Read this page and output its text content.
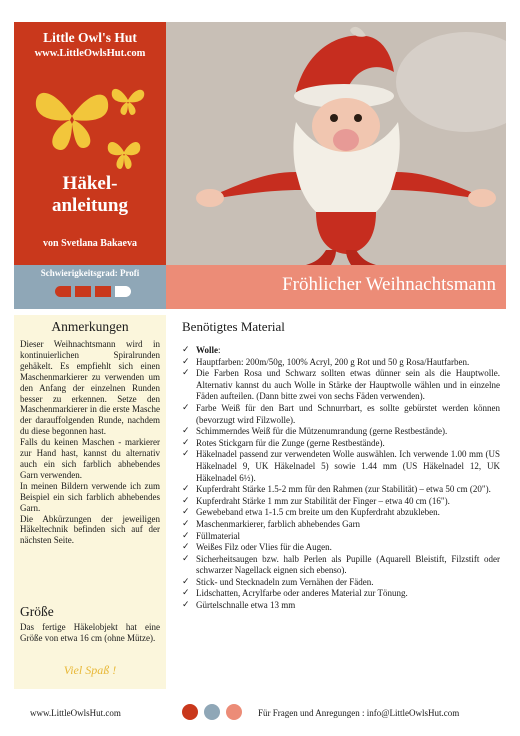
Little Owl's Hut
www.LittleOwlsHut.com
Häkel-
anleitung
von Svetlana Bakaeva
Schwierigkeitsgrad: Profi
Fröhlicher Weihnachtsmann
Anmerkungen

Dieser Weihnachtsmann wird in kontinuierlichen Spiralrunden gehäkelt. Es empfiehlt sich einen Maschenmarkierer zu verwenden um den Anfang der einzelnen Runden besser zu erkennen. Setze den Maschenmarkierer in die erste Masche der darauffolgenden Runde, nachdem du diese begonnen hast.

Falls du keinen Maschen - markierer zur Hand hast, kannst du alternativ auch ein sich farblich abhebendes Garn verwenden.

In meinen Bildern verwende ich zum Beispiel ein sich farblich abhebendes Garn.

Die Abkürzungen der jeweiligen Häkeltechnik befinden sich auf der nächsten Seite.

Größe
Das fertige Häkelobjekt hat eine Größe von etwa 16 cm (ohne Mütze).
Viel Spaß !
Benötigtes Material
✓ Wolle:
✓ Hauptfarben: 200m/50g, 100% Acryl, 200 g Rot und 50 g Rosa/Hautfarben.
✓ Die Farben Rosa und Schwarz sollten etwas dünner sein als die Hauptwolle. Alternativ kannst du auch Wolle in Stärke der Hauptwolle wählen und in einzelne Fäden aufteilen. (Dann bitte zwei von sechs Fäden verwenden).
✓ Farbe Weiß für den Bart und Schnurrbart, es sollte gebürstet werden können (bevorzugt wird Filzwolle).
✓ Schimmerndes Weiß für die Mützenumrandung (gerne Restbestände).
✓ Rotes Stickgarn für die Zunge (gerne Restbestände).
✓ Häkelnadel passend zur verwendeten Wolle auswählen. Ich verwende 1.00 mm (US Häkelnadel 9, UK Häkelnadel 5) sowie 1.44 mm (US Häkelnadel 12, UK Häkelnadel 6½).
✓ Kupferdraht Stärke 1.5-2 mm für den Rahmen (zur Stabilität) – etwa 50 cm (20").
✓ Kupferdraht Stärke 1 mm zur Stabilität der Finger – etwa 40 cm (16").
✓ Gewebeband etwa 1-1.5 cm breite um den Kupferdraht abzukleben.
✓ Maschenmarkierer, farblich abhebendes Garn
✓ Füllmaterial
✓ Weißes Filz oder Vlies für die Augen.
✓ Sicherheitsaugen bzw. halb Perlen als Pupille (Aquarell Bleistift, Filzstift oder schwarzer Nagellack eignen sich ebenso).
✓ Stick- und Stecknadeln zum Vernähen der Fäden.
✓ Lidschatten, Acrylfarbe oder anderes Material zur Tönung.
✓ Gürtelschnalle etwa 13 mm
www.LittleOwlsHut.com	Für Fragen und Anregungen : info@LittleOwlsHut.com
